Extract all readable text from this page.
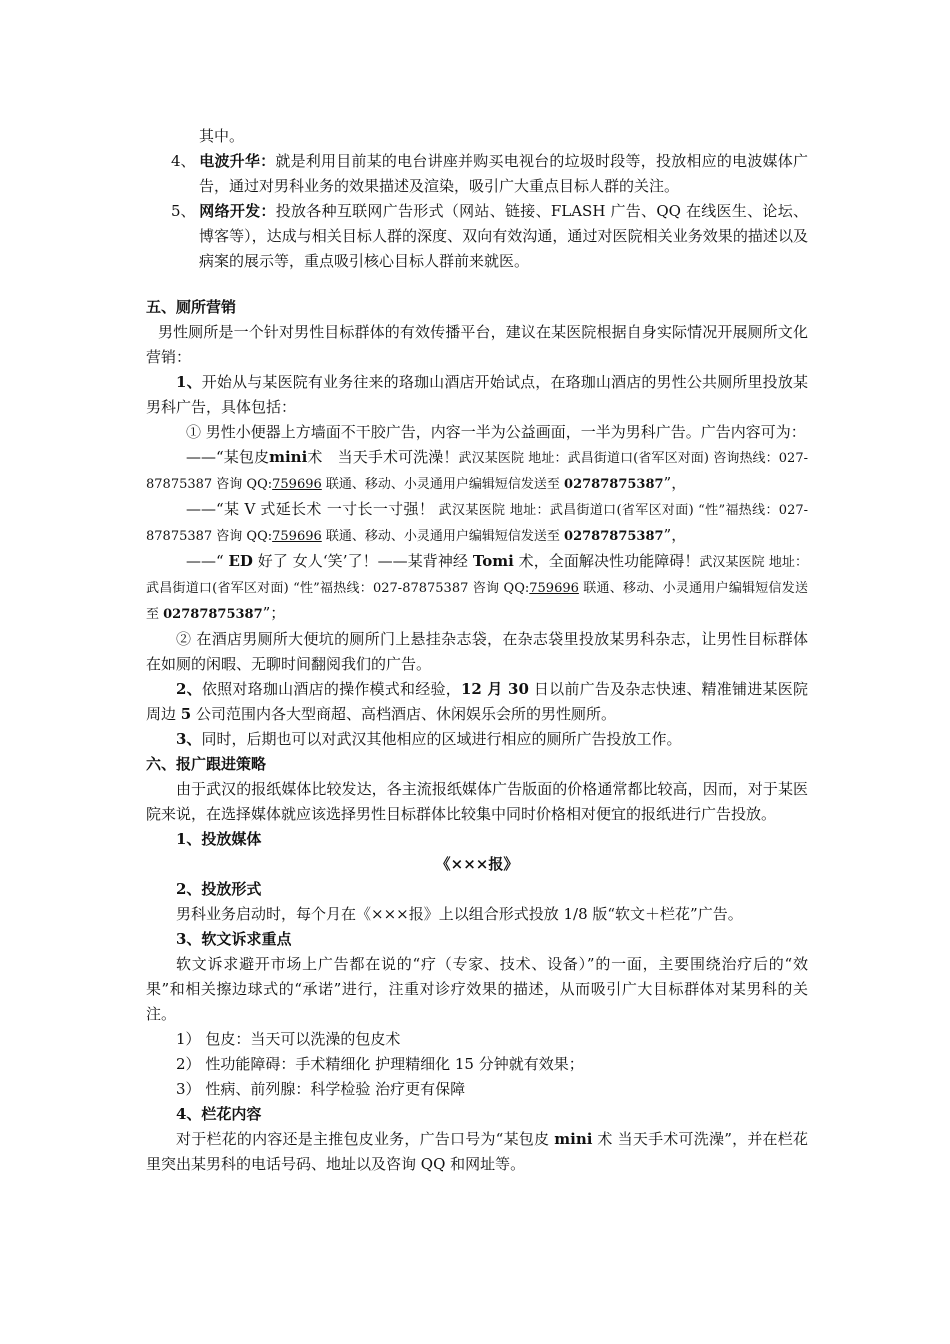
其中。

4、 电波升华：就是利用目前某的电台讲座并购买电视台的垃圾时段等，投放相应的电波媒体广告，通过对男科业务的效果描述及渲染，吸引广大重点目标人群的关注。

5、 网络开发：投放各种互联网广告形式（网站、链接、FLASH 广告、QQ 在线医生、论坛、博客等），达成与相关目标人群的深度、双向有效沟通，通过对医院相关业务效果的描述以及病案的展示等，重点吸引核心目标人群前来就医。

五、厕所营销

男性厕所是一个针对男性目标群体的有效传播平台，建议在某医院根据自身实际情况开展厕所文化营销：

1、开始从与某医院有业务往来的珞珈山酒店开始试点，在珞珈山酒店的男性公共厕所里投放某男科广告，具体包括：

① 男性小便器上方墙面不干胶广告，内容一半为公益画面，一半为男科广告。广告内容可为：

——“某包皮mini术　当天手术可洗澡！武汉某医院 地址：武昌街道口(省军区对面) 咨询热线：027-87875387 咨询 QQ:759696 联通、移动、小灵通用户编辑短信发送至 02787875387”，

——“某 V 式延长术 一寸长一寸强！ 武汉某医院 地址：武昌街道口(省军区对面) “性”福热线：027-87875387 咨询 QQ:759696 联通、移动、小灵通用户编辑短信发送至 02787875387”，

——“ ED 好了 女人‘笑’了！——某背神经 Tomi 术，全面解决性功能障碍！武汉某医院 地址：武昌街道口(省军区对面) “性”福热线：027-87875387 咨询 QQ:759696 联通、移动、小灵通用户编辑短信发送至 02787875387”；

② 在酒店男厕所大便坑的厕所门上悬挂杂志袋，在杂志袋里投放某男科杂志，让男性目标群体在如厕的闲暇、无聊时间翻阅我们的广告。

2、依照对珞珈山酒店的操作模式和经验，12 月 30 日以前广告及杂志快速、精准铺进某医院周边 5 公司范围内各大型商超、高档酒店、休闲娱乐会所的男性厕所。

3、同时，后期也可以对武汉其他相应的区域进行相应的厕所广告投放工作。

六、报广跟进策略

由于武汉的报纸媒体比较发达，各主流报纸媒体广告版面的价格通常都比较高，因而，对于某医院来说，在选择媒体就应该选择男性目标群体比较集中同时价格相对便宜的报纸进行广告投放。

1、投放媒体

《×××报》

2、投放形式

男科业务启动时，每个月在《×××报》上以组合形式投放 1/8 版“软文＋栏花”广告。

3、软文诉求重点

软文诉求避开市场上广告都在说的“疗（专家、技术、设备）”的一面，主要围绕治疗后的“效果”和相关擦边球式的“承诺”进行，注重对诊疗效果的描述，从而吸引广大目标群体对某男科的关注。

1） 包皮：当天可以洗澡的包皮术

2） 性功能障碍：手术精细化 护理精细化 15 分钟就有效果；

3） 性病、前列腺：科学检验 治疗更有保障

4、栏花内容

对于栏花的内容还是主推包皮业务，广告口号为“某包皮 mini 术 当天手术可洗澡”，并在栏花里突出某男科的电话号码、地址以及咨询 QQ 和网址等。
